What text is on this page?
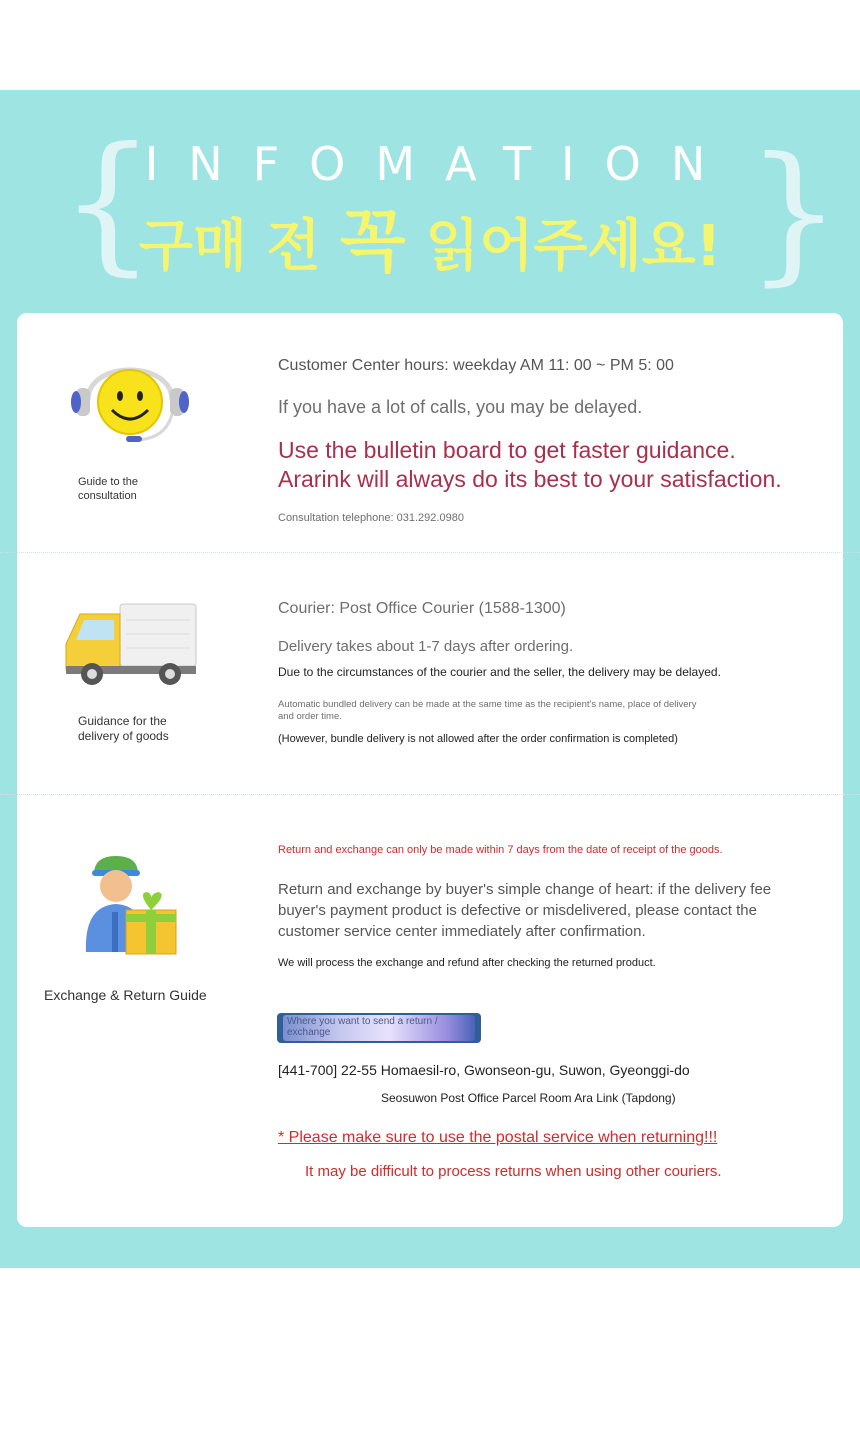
{	}
INFOMATION
구매 전 꼭 읽어주세요!
Guide to the consultation
Customer Center hours: weekday AM 11: 00 ~ PM 5: 00
If you have a lot of calls, you may be delayed.
Use the bulletin board to get faster guidance.
Ararink will always do its best to your satisfaction.
Consultation telephone: 031.292.0980
Guidance for the delivery of goods
Courier: Post Office Courier (1588-1300)
Delivery takes about 1-7 days after ordering.
Due to the circumstances of the courier and the seller, the delivery may be delayed.
Automatic bundled delivery can be made at the same time as the recipient's name, place of delivery and order time.
(However, bundle delivery is not allowed after the order confirmation is completed)
Exchange & Return Guide
Return and exchange can only be made within 7 days from the date of receipt of the goods.
Return and exchange by buyer's simple change of heart: if the delivery fee buyer's payment product is defective or misdelivered, please contact the customer service center immediately after confirmation.
We will process the exchange and refund after checking the returned product.
Where you want to send a return / exchange
[441-700] 22-55 Homaesil-ro, Gwonseon-gu, Suwon, Gyeonggi-do
Seosuwon Post Office Parcel Room Ara Link (Tapdong)
* Please make sure to use the postal service when returning!!!
It may be difficult to process returns when using other couriers.
